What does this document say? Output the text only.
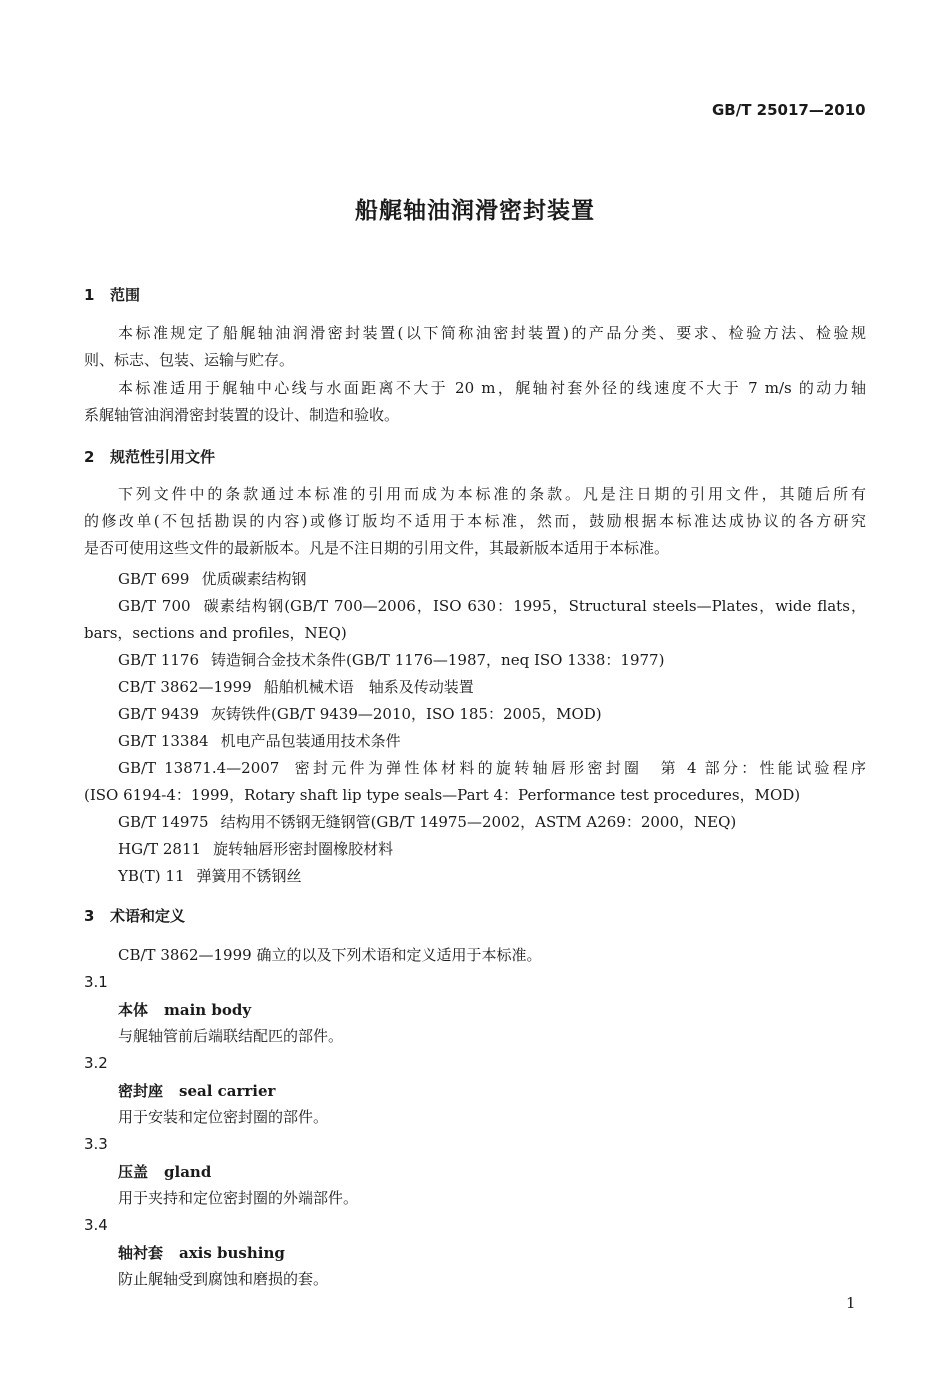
GB/T 25017—2010
船艉轴油润滑密封装置
1 范围
本标准规定了船艉轴油润滑密封装置(以下简称油密封装置)的产品分类、要求、检验方法、检验规
则、标志、包装、运输与贮存。
本标准适用于艉轴中心线与水面距离不大于 20 m，艉轴衬套外径的线速度不大于 7 m/s 的动力轴
系艉轴管油润滑密封装置的设计、制造和验收。
2 规范性引用文件
下列文件中的条款通过本标准的引用而成为本标准的条款。凡是注日期的引用文件，其随后所有
的修改单(不包括勘误的内容)或修订版均不适用于本标准，然而，鼓励根据本标准达成协议的各方研究
是否可使用这些文件的最新版本。凡是不注日期的引用文件，其最新版本适用于本标准。
GB/T 699 优质碳素结构钢
GB/T 700 碳素结构钢(GB/T 700—2006，ISO 630：1995，Structural steels—Plates，wide flats，
bars，sections and profiles，NEQ)
GB/T 1176 铸造铜合金技术条件(GB/T 1176—1987，neq ISO 1338：1977)
CB/T 3862—1999 船舶机械术语　轴系及传动装置
GB/T 9439 灰铸铁件(GB/T 9439—2010，ISO 185：2005，MOD)
GB/T 13384 机电产品包装通用技术条件
GB/T 13871.4—2007 密封元件为弹性体材料的旋转轴唇形密封圈　第 4 部分：性能试验程序
(ISO 6194-4：1999，Rotary shaft lip type seals—Part 4：Performance test procedures，MOD)
GB/T 14975 结构用不锈钢无缝钢管(GB/T 14975—2002，ASTM A269：2000，NEQ)
HG/T 2811 旋转轴唇形密封圈橡胶材料
YB(T) 11 弹簧用不锈钢丝
3 术语和定义
CB/T 3862—1999 确立的以及下列术语和定义适用于本标准。
3.1
本体 main body
与艉轴管前后端联结配匹的部件。
3.2
密封座 seal carrier
用于安装和定位密封圈的部件。
3.3
压盖 gland
用于夹持和定位密封圈的外端部件。
3.4
轴衬套 axis bushing
防止艉轴受到腐蚀和磨损的套。
1
